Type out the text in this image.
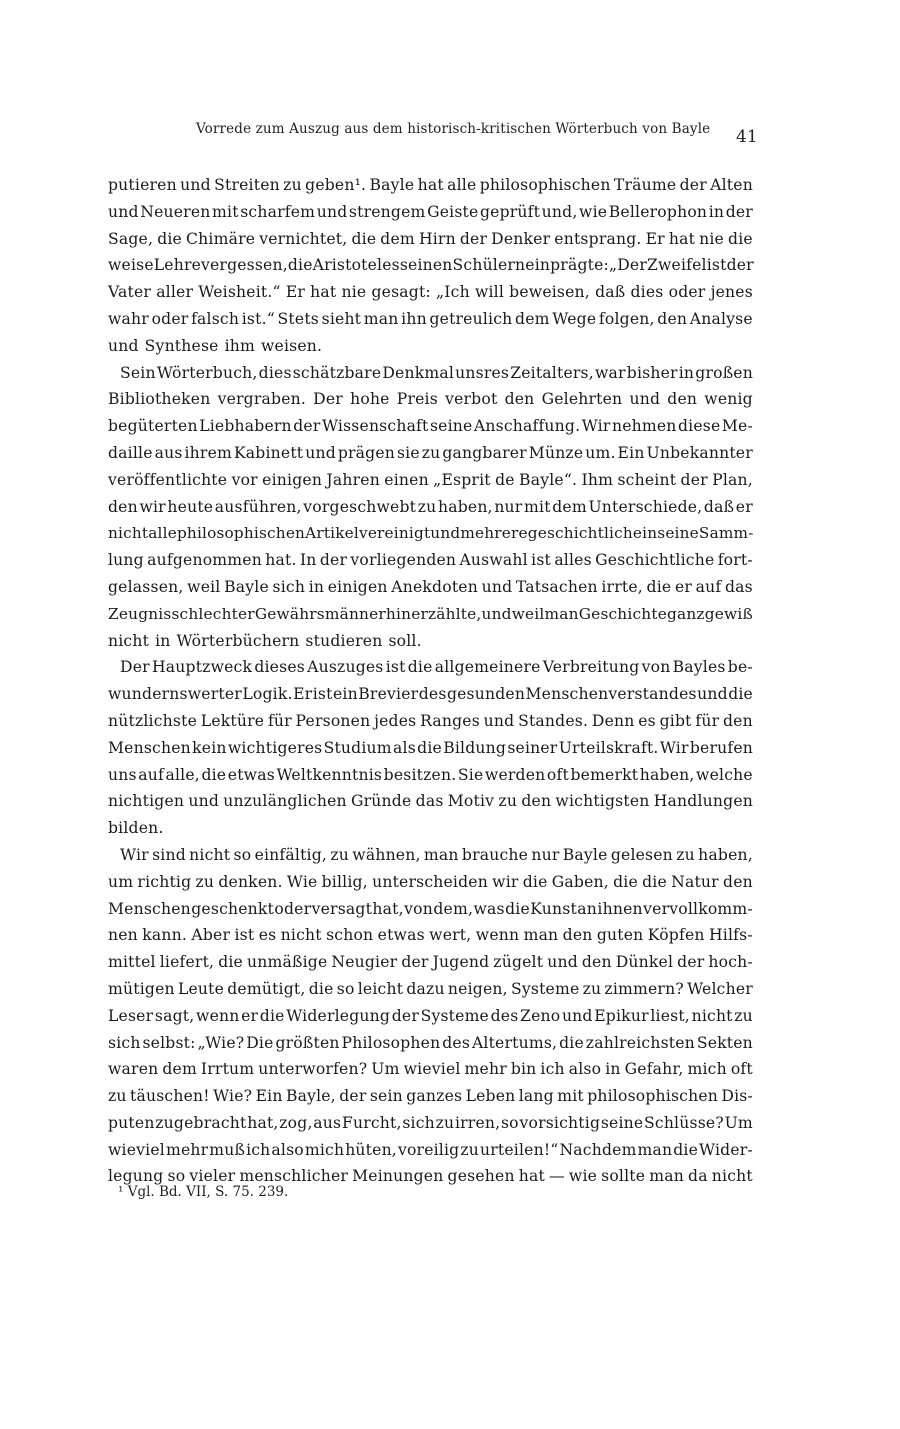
Vorrede zum Auszug aus dem historisch-kritischen Wörterbuch von Bayle 41
putieren und Streiten zu geben¹. Bayle hat alle philosophischen Träume der Alten
und Neueren mit scharfem und strengem Geiste geprüft und, wie Bellerophon in der
Sage, die Chimäre vernichtet, die dem Hirn der Denker entsprang. Er hat nie die
weise Lehre vergessen, die Aristoteles seinen Schülern einprägte: „Der Zweifel ist der
Vater aller Weisheit.“ Er hat nie gesagt: „Ich will beweisen, daß dies oder jenes
wahr oder falsch ist.“ Stets sieht man ihn getreulich dem Wege folgen, den Analyse
und Synthese ihm weisen.
Sein Wörterbuch, dies schätzbare Denkmal unsres Zeitalters, war bisher in großen
Bibliotheken vergraben. Der hohe Preis verbot den Gelehrten und den wenig
begüterten Liebhabern der Wissenschaft seine Anschaffung. Wir nehmen diese Me-
daille aus ihrem Kabinett und prägen sie zu gangbarer Münze um. Ein Unbekannter
veröffentlichte vor einigen Jahren einen „Esprit de Bayle“. Ihm scheint der Plan,
den wir heute ausführen, vorgeschwebt zu haben, nur mit dem Unterschiede, daß er
nicht alle philosophischen Artikel vereinigt und mehrere geschichtliche in seine Samm-
lung aufgenommen hat. In der vorliegenden Auswahl ist alles Geschichtliche fort-
gelassen, weil Bayle sich in einigen Anekdoten und Tatsachen irrte, die er auf das
Zeugnis schlechter Gewährsmänner hin erzählte, und weil man Geschichte ganz gewiß
nicht in Wörterbüchern studieren soll.
Der Hauptzweck dieses Auszuges ist die allgemeinere Verbreitung von Bayles be-
wundernswerter Logik. Er ist ein Brevier des gesunden Menschenverstandes und die
nützlichste Lektüre für Personen jedes Ranges und Standes. Denn es gibt für den
Menschen kein wichtigeres Studium als die Bildung seiner Urteilskraft. Wir berufen
uns auf alle, die etwas Weltkenntnis besitzen. Sie werden oft bemerkt haben, welche
nichtigen und unzulänglichen Gründe das Motiv zu den wichtigsten Handlungen
bilden.
Wir sind nicht so einfältig, zu wähnen, man brauche nur Bayle gelesen zu haben,
um richtig zu denken. Wie billig, unterscheiden wir die Gaben, die die Natur den
Menschen geschenkt oder versagt hat, von dem, was die Kunst an ihnen vervollkomm-
nen kann. Aber ist es nicht schon etwas wert, wenn man den guten Köpfen Hilfs-
mittel liefert, die unmäßige Neugier der Jugend zügelt und den Dünkel der hoch-
mütigen Leute demütigt, die so leicht dazu neigen, Systeme zu zimmern? Welcher
Leser sagt, wenn er die Widerlegung der Systeme des Zeno und Epikur liest, nicht zu
sich selbst: „Wie? Die größten Philosophen des Altertums, die zahlreichsten Sekten
waren dem Irrtum unterworfen? Um wieviel mehr bin ich also in Gefahr, mich oft
zu täuschen! Wie? Ein Bayle, der sein ganzes Leben lang mit philosophischen Dis-
puten zugebracht hat, zog, aus Furcht, sich zu irren, so vorsichtig seine Schlüsse? Um
wieviel mehr muß ich also mich hüten, voreilig zu urteilen!“ Nachdem man die Wider-
legung so vieler menschlicher Meinungen gesehen hat — wie sollte man da nicht
¹ Vgl. Bd. VII, S. 75. 239.
